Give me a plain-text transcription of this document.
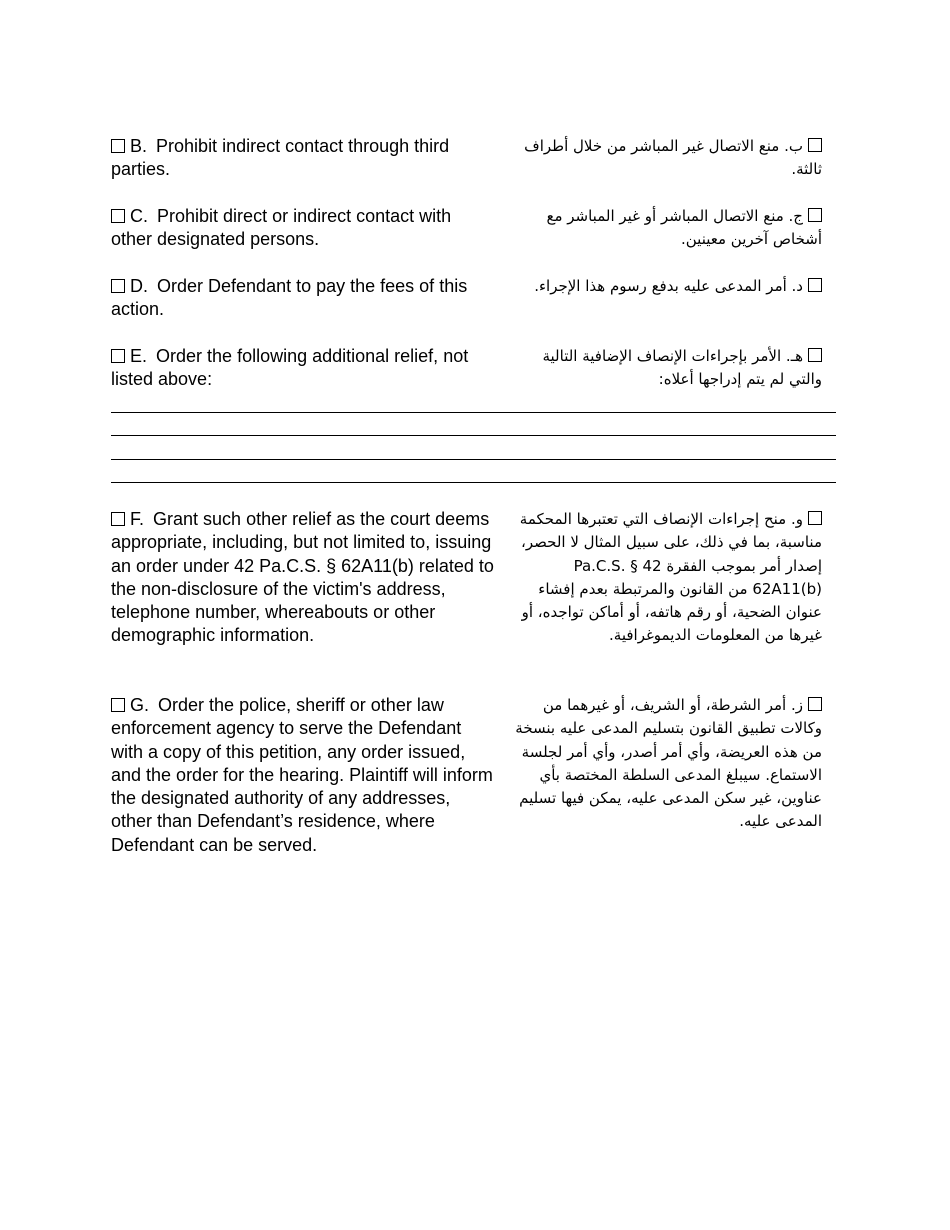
B. Prohibit indirect contact through third parties.
ب. منع الاتصال غير المباشر من خلال أطراف ثالثة.
C. Prohibit direct or indirect contact with other designated persons.
ج. منع الاتصال المباشر أو غير المباشر مع أشخاص آخرين معينين.
D. Order Defendant to pay the fees of this action.
د. أمر المدعى عليه بدفع رسوم هذا الإجراء.
E. Order the following additional relief, not listed above:
هـ. الأمر بإجراءات الإنصاف الإضافية التالية والتي لم يتم إدراجها أعلاه:
F. Grant such other relief as the court deems appropriate, including, but not limited to, issuing an order under 42 Pa.C.S. § 62A11(b) related to the non-disclosure of the victim's address, telephone number, whereabouts or other demographic information.
و. منح إجراءات الإنصاف التي تعتبرها المحكمة مناسبة، بما في ذلك، على سبيل المثال لا الحصر، إصدار أمر بموجب الفقرة 42 Pa.C.S. § 62A11(b) من القانون والمرتبطة بعدم إفشاء عنوان الضحية، أو رقم هاتفه، أو أماكن تواجده، أو غيرها من المعلومات الديموغرافية.
G. Order the police, sheriff or other law enforcement agency to serve the Defendant with a copy of this petition, any order issued, and the order for the hearing. Plaintiff will inform the designated authority of any addresses, other than Defendant’s residence, where Defendant can be served.
ز. أمر الشرطة، أو الشريف، أو غيرهما من وكالات تطبيق القانون بتسليم المدعى عليه بنسخة من هذه العريضة، وأي أمر أصدر، وأي أمر لجلسة الاستماع. سيبلغ المدعى السلطة المختصة بأي عناوين، غير سكن المدعى عليه، يمكن فيها تسليم المدعى عليه.
